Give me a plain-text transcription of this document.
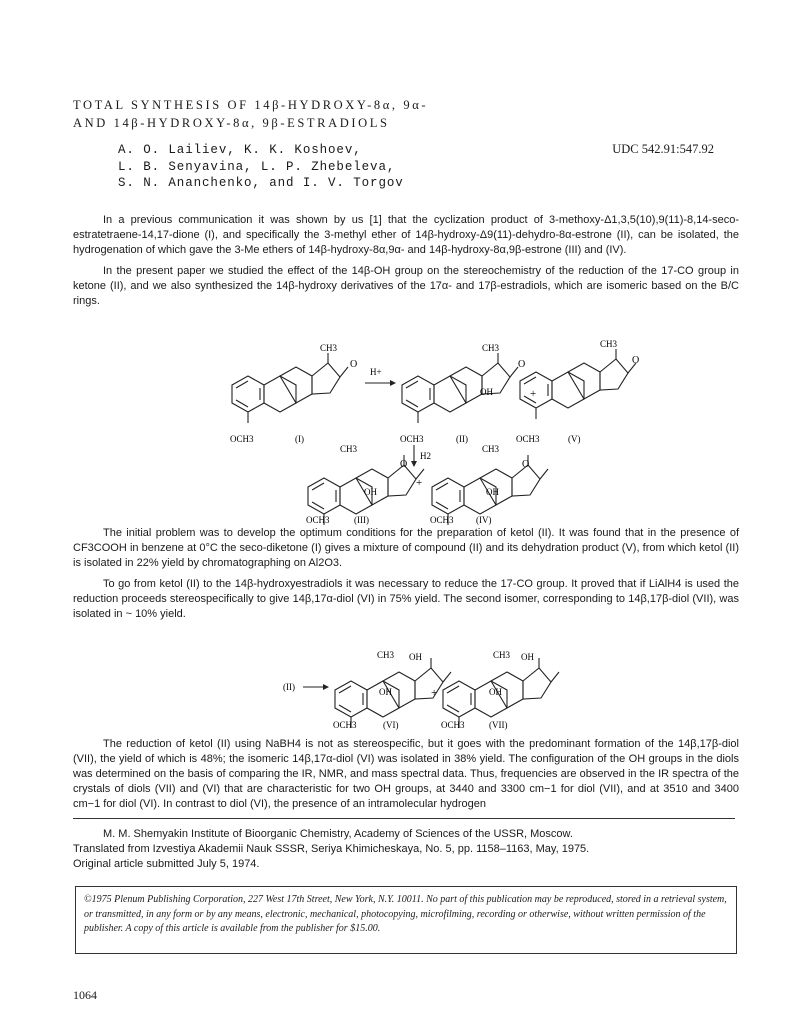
TOTAL SYNTHESIS OF 14β-HYDROXY-8α, 9α-
AND 14β-HYDROXY-8α, 9β-ESTRADIOLS
A. O. Lailiev, K. K. Koshoev,
L. B. Senyavina, L. P. Zhebeleva,
S. N. Ananchenko, and I. V. Torgov
UDC 542.91:547.92

In a previous communication it was shown by us [1] that the cyclization product of 3-methoxy-Δ1,3,5(10),9(11)-8,14-seco-estratetraene-14,17-dione (I), and specifically the 3-methyl ether of 14β-hydroxy-Δ9(11)-dehydro-8α-estrone (II), can be isolated, the hydrogenation of which gave the 3-Me ethers of 14β-hydroxy-8α,9α- and 14β-hydroxy-8α,9β-estrone (III) and (IV).

In the present paper we studied the effect of the 14β-OH group on the stereochemistry of the reduction of the 17-CO group in ketone (II), and we also synthesized the 14β-hydroxy derivatives of the 17α- and 17β-estradiols, which are isomeric based on the B/C rings.

CH3
O
OCH3	(I)
H+
CH3
O
OH
OCH3	(II)
+
CH3
O
OCH3	(V)
H2
CH3
O
OH
OCH3	(III)
+
CH3
O
OH
OCH3 (IV)

The initial problem was to develop the optimum conditions for the preparation of ketol (II). It was found that in the presence of CF3COOH in benzene at 0°C the seco-diketone (I) gives a mixture of compound (II) and its dehydration product (V), from which ketol (II) is isolated in 22% yield by chromatographing on Al2O3.

To go from ketol (II) to the 14β-hydroxyestradiols it was necessary to reduce the 17-CO group. It proved that if LiAlH4 is used the reduction proceeds stereospecifically to give 14β,17α-diol (VI) in 75% yield. The second isomer, corresponding to 14β,17β-diol (VII), was isolated in ~ 10% yield.

(II)
CH3 OH
OH
OCH3	(VI)
+
CH3 OH
OH
OCH3	(VII)

The reduction of ketol (II) using NaBH4 is not as stereospecific, but it goes with the predominant formation of the 14β,17β-diol (VII), the yield of which is 48%; the isomeric 14β,17α-diol (VI) was isolated in 38% yield. The configuration of the OH groups in the diols was determined on the basis of comparing the IR, NMR, and mass spectral data. Thus, frequencies are observed in the IR spectra of the crystals of diols (VII) and (VI) that are characteristic for two OH groups, at 3440 and 3300 cm−1 for diol (VII), and at 3510 and 3400 cm−1 for diol (VI). In contrast to diol (VI), the presence of an intramolecular hydrogen

M. M. Shemyakin Institute of Bioorganic Chemistry, Academy of Sciences of the USSR, Moscow.
Translated from Izvestiya Akademii Nauk SSSR, Seriya Khimicheskaya, No. 5, pp. 1158–1163, May, 1975.
Original article submitted July 5, 1974.
©1975 Plenum Publishing Corporation, 227 West 17th Street, New York, N.Y. 10011. No part of this publication may be reproduced, stored in a retrieval system, or transmitted, in any form or by any means, electronic, mechanical, photocopying, microfilming, recording or otherwise, without written permission of the publisher. A copy of this article is available from the publisher for $15.00.
1064
